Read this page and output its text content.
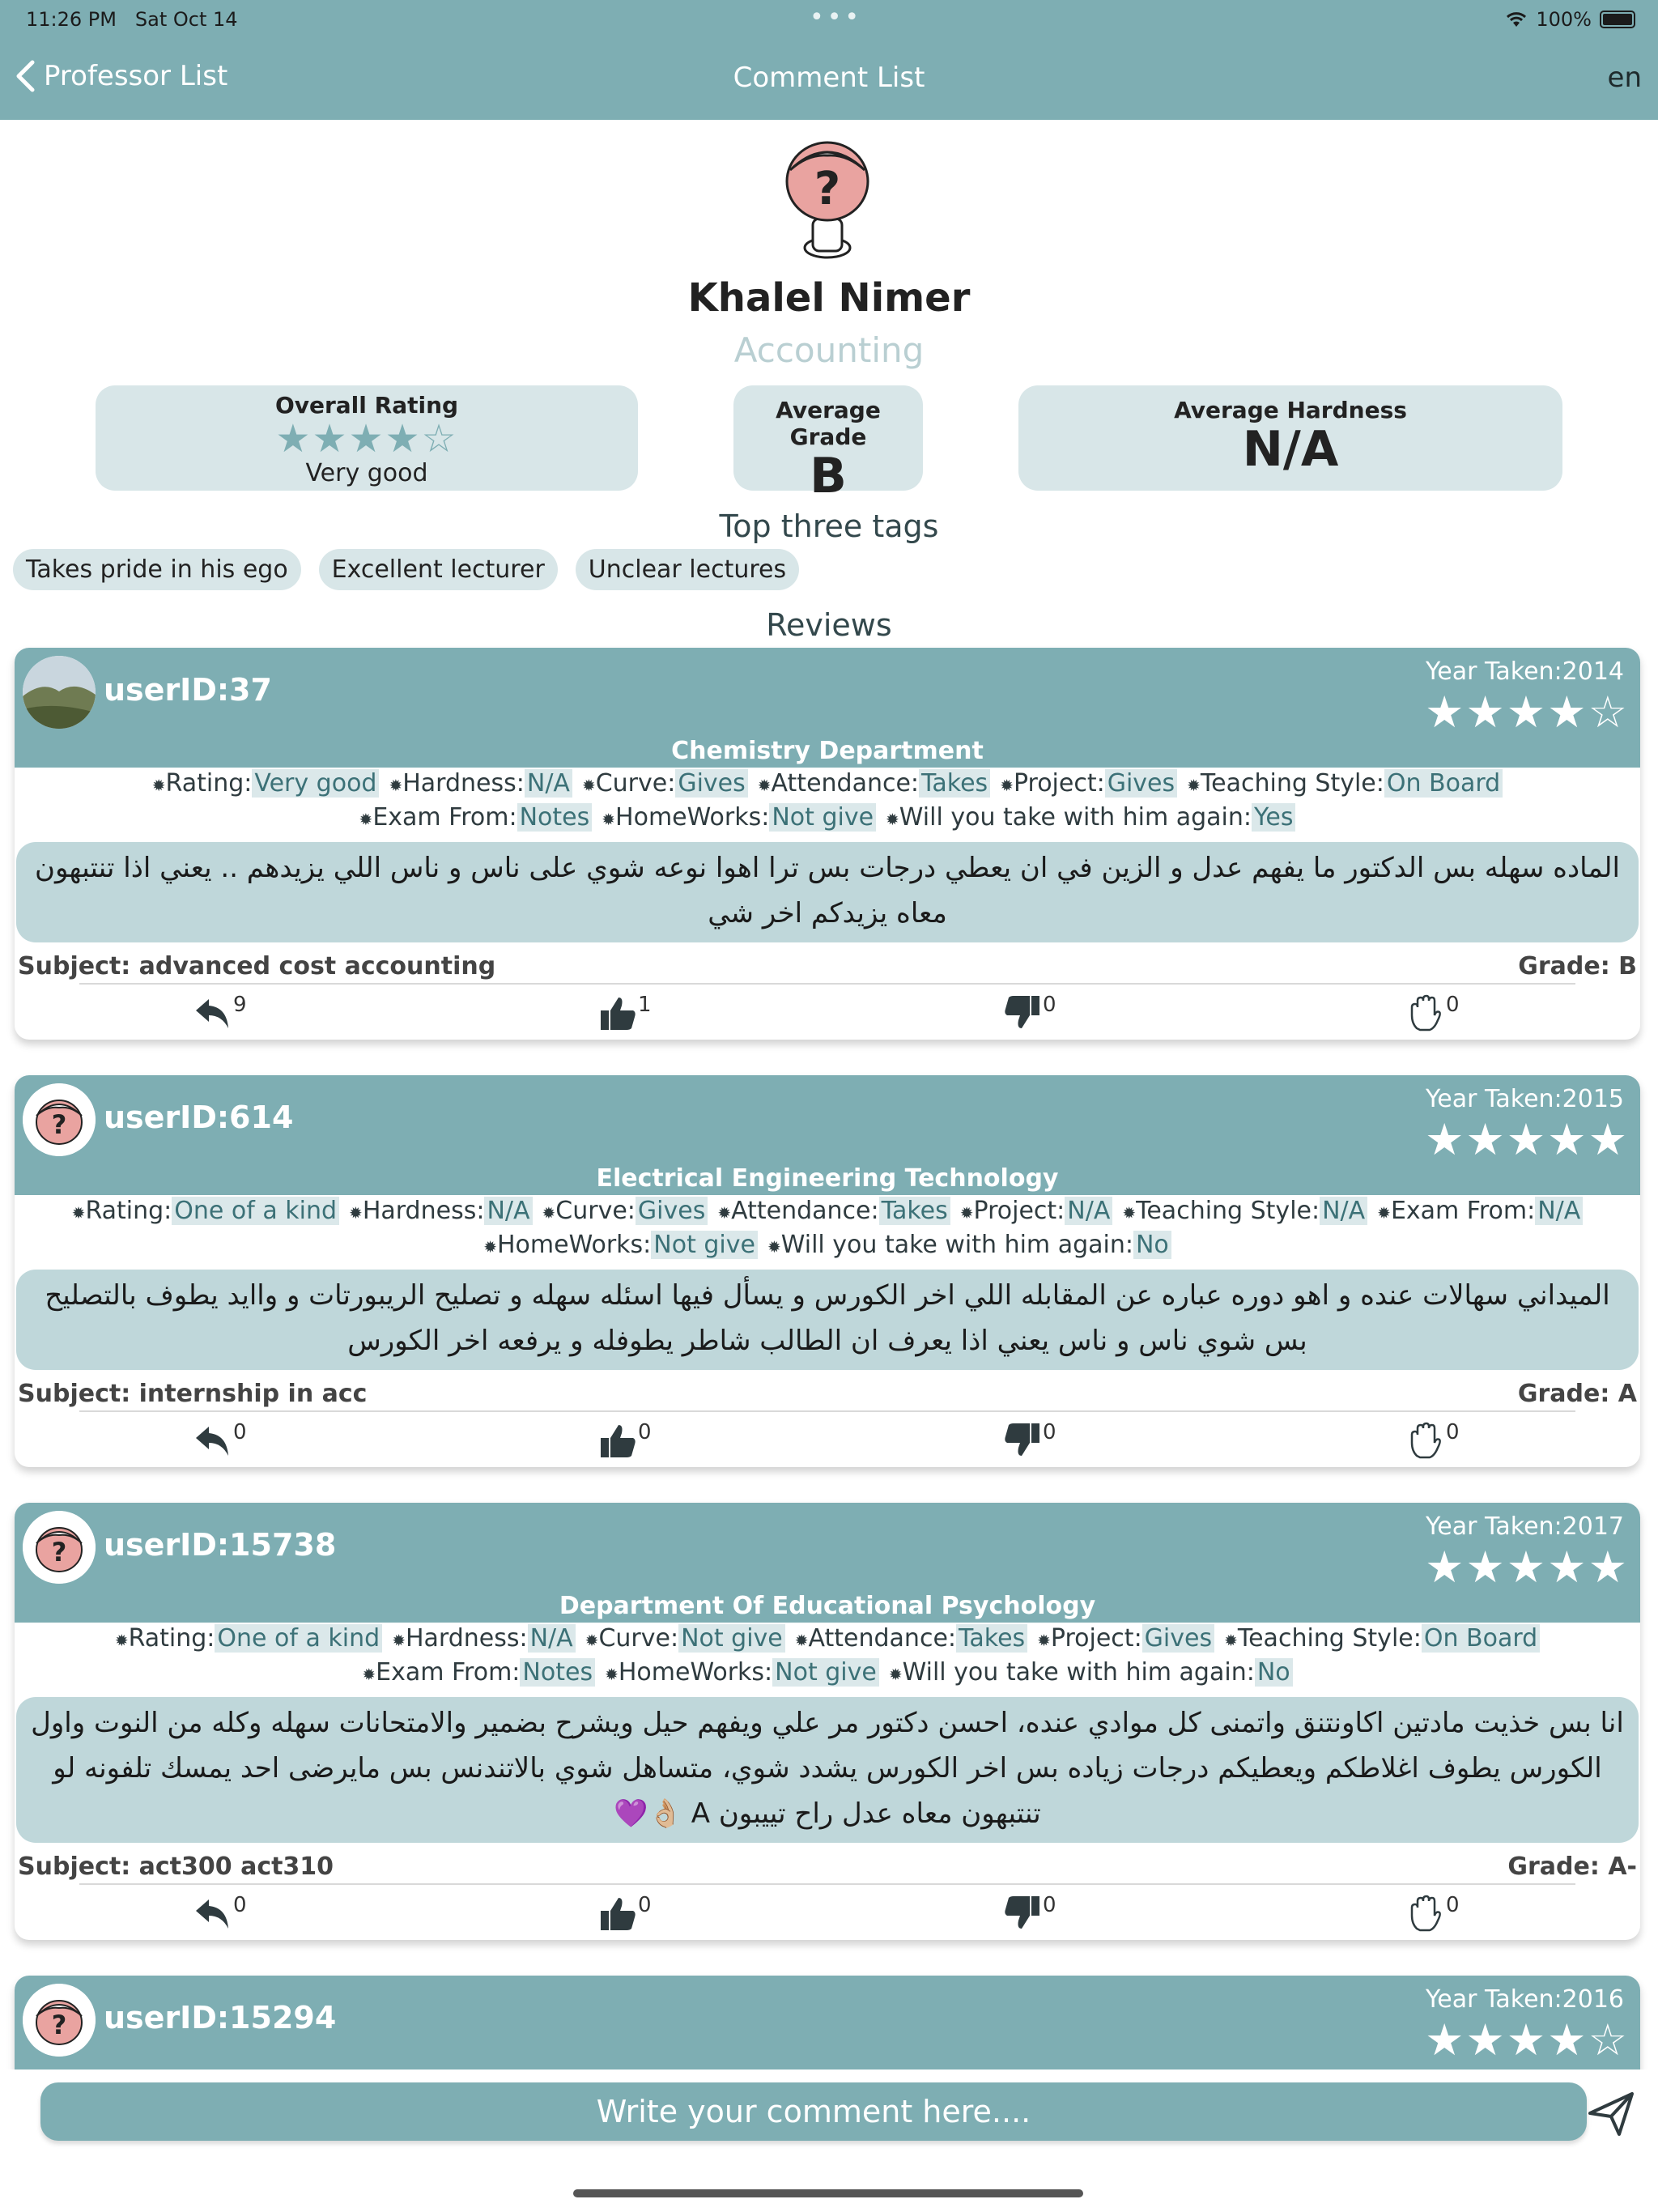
11:26 PM Sat Oct 14	•••	100%
Professor List	Comment List	en
?
Khalel Nimer
Accounting
Overall Rating
★★★★☆
Very good
Average Grade
B
Average Hardness
N/A
Top three tags
Takes pride in his ego	Excellent lecturer	Unclear lectures
Reviews
userID:37
Year Taken:2014
★★★★☆
Chemistry Department
✹Rating: Very good ✹Hardness: N/A ✹Curve: Gives ✹Attendance: Takes ✹Project: Gives ✹Teaching Style: On Board
✹Exam From: Notes ✹HomeWorks: Not give ✹Will you take with him again: Yes
الماده سهله بس الدكتور ما يفهم عدل و الزين في ان يعطي درجات بس ترا اهوا نوعه شوي على ناس و ناس اللي يزيدهم .. يعني اذا تنتبهون معاه يزيدكم اخر شي
Subject: advanced cost accounting	Grade: B
9	1	0	0
? userID:614
Year Taken:2015
★★★★★
Electrical Engineering Technology
✹Rating: One of a kind ✹Hardness: N/A ✹Curve: Gives ✹Attendance: Takes ✹Project: N/A ✹Teaching Style: N/A ✹Exam From: N/A
✹HomeWorks: Not give ✹Will you take with him again: No
الميداني سهالات عنده و اهو دوره عباره عن المقابله اللي اخر الكورس و يسأل فيها اسئله سهله و تصليح الريبورتات و واايد يطوف بالتصليح بس شوي ناس و ناس يعني اذا يعرف ان الطالب شاطر يطوفله و يرفعه اخر الكورس
Subject: internship in acc	Grade: A
0	0	0	0
? userID:15738
Year Taken:2017
★★★★★
Department Of Educational Psychology
✹Rating: One of a kind ✹Hardness: N/A ✹Curve: Not give ✹Attendance: Takes ✹Project: Gives ✹Teaching Style: On Board
✹Exam From: Notes ✹HomeWorks: Not give ✹Will you take with him again: No
انا بس خذيت مادتين اكاونتنق واتمنى كل موادي عنده، احسن دكتور مر علي ويفهم حيل ويشرح بضمير والامتحانات سهله وكله من النوت واول الكورس يطوف اغلاطكم ويعطيكم درجات زياده بس اخر الكورس يشدد شوي، متساهل شوي بالاتندنس بس مايرضى احد يمسك تلفونه لو تنتبهون معاه عدل راح تييبون A 👌🏼💜
Subject: act300 act310	Grade: A-
0	0	0	0
? userID:15294
Year Taken:2016
★★★★☆
Write your comment here....
